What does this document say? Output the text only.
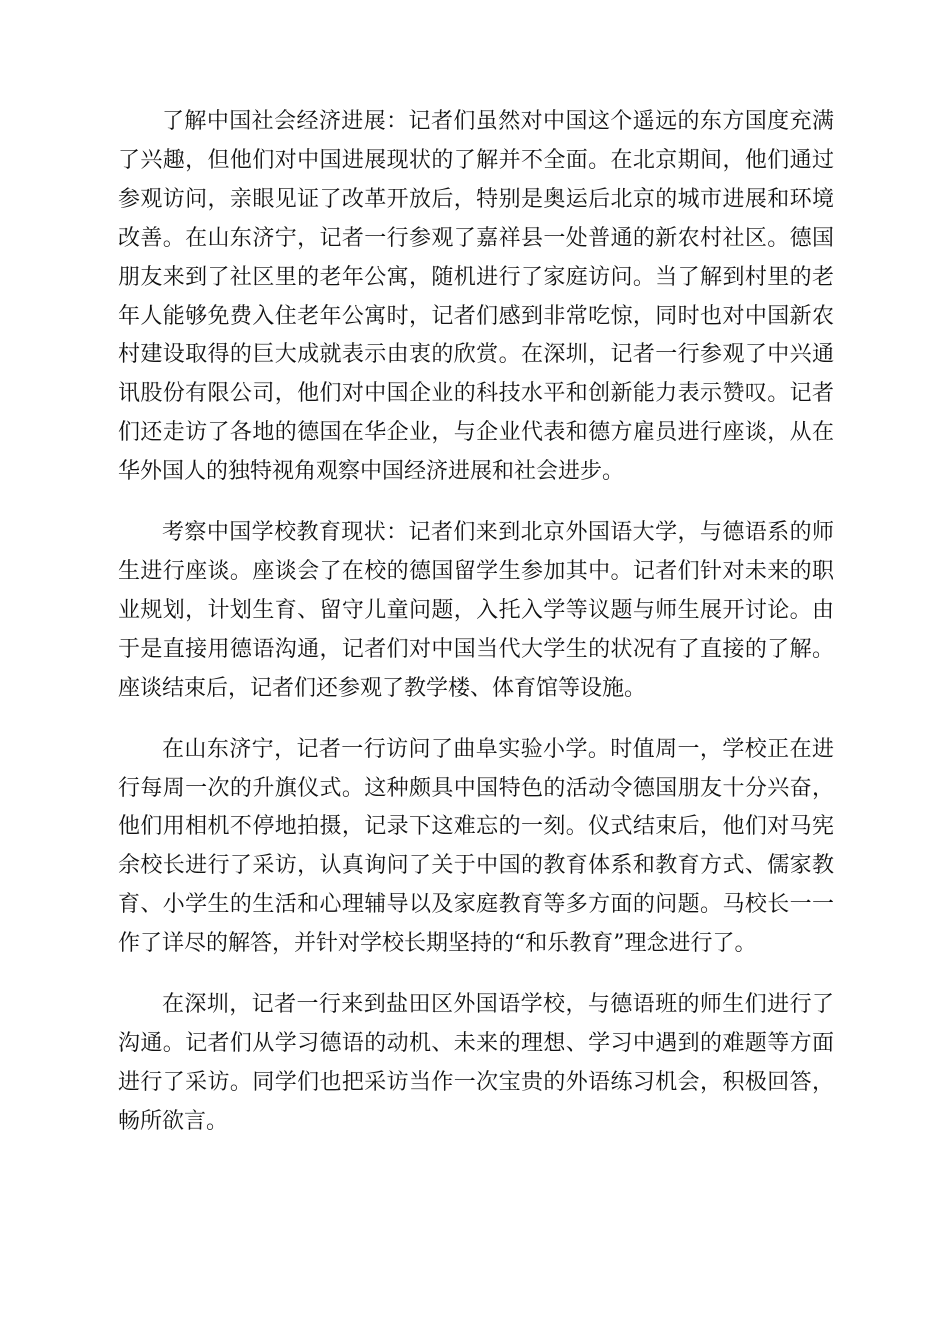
了解中国社会经济进展：记者们虽然对中国这个遥远的东方国度充满了兴趣，但他们对中国进展现状的了解并不全面。在北京期间，他们通过参观访问，亲眼见证了改革开放后，特别是奥运后北京的城市进展和环境改善。在山东济宁，记者一行参观了嘉祥县一处普通的新农村社区。德国朋友来到了社区里的老年公寓，随机进行了家庭访问。当了解到村里的老年人能够免费入住老年公寓时，记者们感到非常吃惊，同时也对中国新农村建设取得的巨大成就表示由衷的欣赏。在深圳，记者一行参观了中兴通讯股份有限公司，他们对中国企业的科技水平和创新能力表示赞叹。记者们还走访了各地的德国在华企业，与企业代表和德方雇员进行座谈，从在华外国人的独特视角观察中国经济进展和社会进步。

考察中国学校教育现状：记者们来到北京外国语大学，与德语系的师生进行座谈。座谈会了在校的德国留学生参加其中。记者们针对未来的职业规划，计划生育、留守儿童问题，入托入学等议题与师生展开讨论。由于是直接用德语沟通，记者们对中国当代大学生的状况有了直接的了解。座谈结束后，记者们还参观了教学楼、体育馆等设施。

在山东济宁，记者一行访问了曲阜实验小学。时值周一，学校正在进行每周一次的升旗仪式。这种颇具中国特色的活动令德国朋友十分兴奋，他们用相机不停地拍摄，记录下这难忘的一刻。仪式结束后，他们对马宪余校长进行了采访，认真询问了关于中国的教育体系和教育方式、儒家教育、小学生的生活和心理辅导以及家庭教育等多方面的问题。马校长一一作了详尽的解答，并针对学校长期坚持的“和乐教育”理念进行了。

在深圳，记者一行来到盐田区外国语学校，与德语班的师生们进行了沟通。记者们从学习德语的动机、未来的理想、学习中遇到的难题等方面进行了采访。同学们也把采访当作一次宝贵的外语练习机会，积极回答，畅所欲言。
